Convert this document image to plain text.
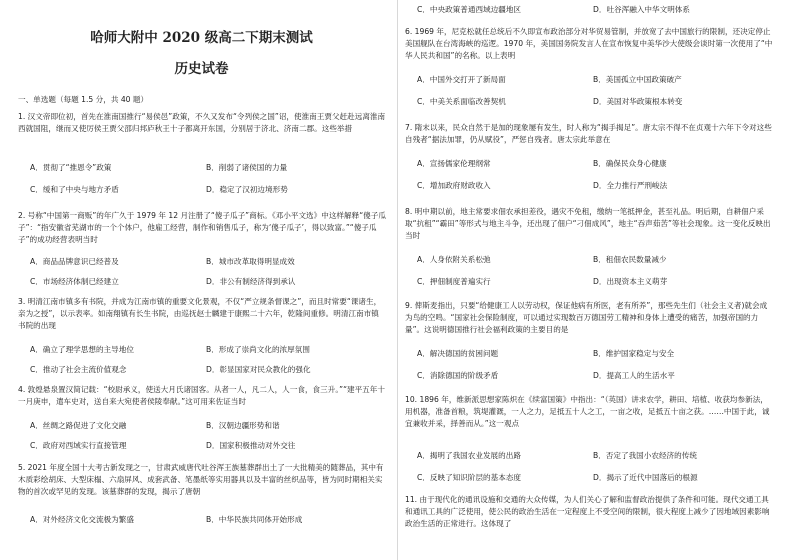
哈师大附中 2020 级高二下期末测试
历史试卷
一、单选题（每题 1.5 分，共 40 题）

1. 汉文帝即位初，首先在淮南国推行“易侯邑”政策，不久又发布“令列侯之国”诏，使淮南王贾父赶赴远离淮南西就国阻，继而又使厉侯王贾父邵归邦庐秋王十子都离开东国，分别居于济北、济南二郡。这些举措

A．贯彻了“推恩令”政策	B．削弱了诸侯国的力量
C．缓和了中央与地方矛盾	D．稳定了汉初边境形势

2. 号称“中国第一商贩”的年广久于 1979 年 12 月注册了“傻子瓜子”商标。《邓小平文选》中这样解释“傻子瓜子”：“指安徽省芜湖市的一个个体户，他雇工经营，制作和销售瓜子，称为‘傻子瓜子’，得以致富。”“傻子瓜子”的成功经营表明当时

A．商品品牌意识已经普及	B．城市改革取得明显成效
C．市场经济体制已经建立	D．非公有制经济得到承认

3. 明清江南市镇多有书院，并成为江南市镇的重要文化景观，不仅“严立规条督课之”，而且时常要“课诸生，亲为之授”，以示表率。如南翔镇有长生书院，由巡抚赵士麟建于康熙二十六年，乾隆间重修。明清江南市镇书院的出现

A．确立了理学思想的主导地位	B．形成了崇尚文化的浓厚氛围
C．推动了社会主流价值观念	D．彰显国家对民众教化的强化

4. 敦煌悬泉置汉简记载：“校尉承义，使送大月氏诸国客。从者一人，凡二人，人一食，食三升。”“建平五年十一月庚申，遣车史对，送自来大宛使者侯陵奉献。”这可用来佐证当时

A．丝绸之路促进了文化交融	B．汉朝边疆形势和谐
C．政府对西域实行直接管理	D．国家积极推动对外交往

5. 2021 年度全国十大考古新发现之一，甘肃武威唐代吐谷浑王族墓葬群出土了一大批精美的随葬品，其中有木质彩绘胡床、大型床榻、六扇屏风、成套武备、笔墨纸等实用器具以及丰富的丝织品等，皆为同时期相关实物的首次或罕见的发现。该墓葬群的发现，揭示了唐朝

A．对外经济文化交流极为繁盛	B．中华民族共同体开始形成
C．中央政策普通西域边疆地区	D．吐谷浑融入中华文明体系

6. 1969 年，尼克松就任总统后不久即宣布政治部分对华贸易管制，并放宽了去中国旅行的限制，还决定停止美国舰队在台湾海峡的巡逻。1970 年，美国国务院发言人在宣布恢复中美华沙大使级会谈时第一次使用了“中华人民共和国”的名称。以上表明

A．中国外交打开了新局面	B．美国孤立中国政策破产
C．中美关系面临改善契机	D．美国对华政策根本转变

7. 隋末以来，民众自然于是加的现象屡有发生，时人称为“揭手揭足”。唐太宗不得不在贞观十六年下令对这些自残者“据法加罪，仍从赋役”，严惩自残者。唐太宗此举意在

A．宣扬儒家伦理纲常	B．确保民众身心健康
C．增加政府财政收入	D．全力推行严刑峻法

8. 明中期以前，地主常要求佃农承担差役，遇灾不免租，缴纳一笔抵押金，甚至礼品。明后期，自耕佃户采取“抗租”“霸田”等形式与地主斗争，还出现了佃户“刁佃成风”，地主“吞声茹苦”等社会现象。这一变化反映出当时

A．人身依附关系松弛	B．租佃农民数量减少
C．押佃制度普遍实行	D．出现资本主义萌芽

9. 俾斯麦指出，只要“给健康工人以劳动权，保证他病有所医，老有所养”，那些先生们（社会主义者)就会成为鸟的空鸣。“国家社会保险制度，可以通过实现数百万德国劳工精神和身体上遭受的痛苦，加强帝国的力量”。这说明德国推行社会福利政策的主要目的是

A．解决德国的贫困问题	B．维护国家稳定与安全
C．消除德国的阶级矛盾	D．提高工人的生活水平

10. 1896 年，维新派思想家陈炽在《续富国策》中指出：“（英国）讲求农学，耕田、培植、收获均参新法，用机器，准备首粮，筑堤灌溉，一人之力，足抵五十人之工，一亩之收，足抵五十亩之获。……中国于此，诚宜兼收并采，择善而从。”这一观点

A．揭明了我国农业发展的出路	B．否定了我国小农经济的传统
C．反映了知识阶层的基本态度	D．揭示了近代中国落后的根源

11. 由于现代化的通讯设施和交通的大众传媒，为人们关心了解和监督政治提供了条件和可能。现代交通工具和通讯工具的广泛使用，使公民的政治生活在一定程度上不受空间的限制，很大程度上减少了因地域因素影响政治生活的正常进行。这体现了
